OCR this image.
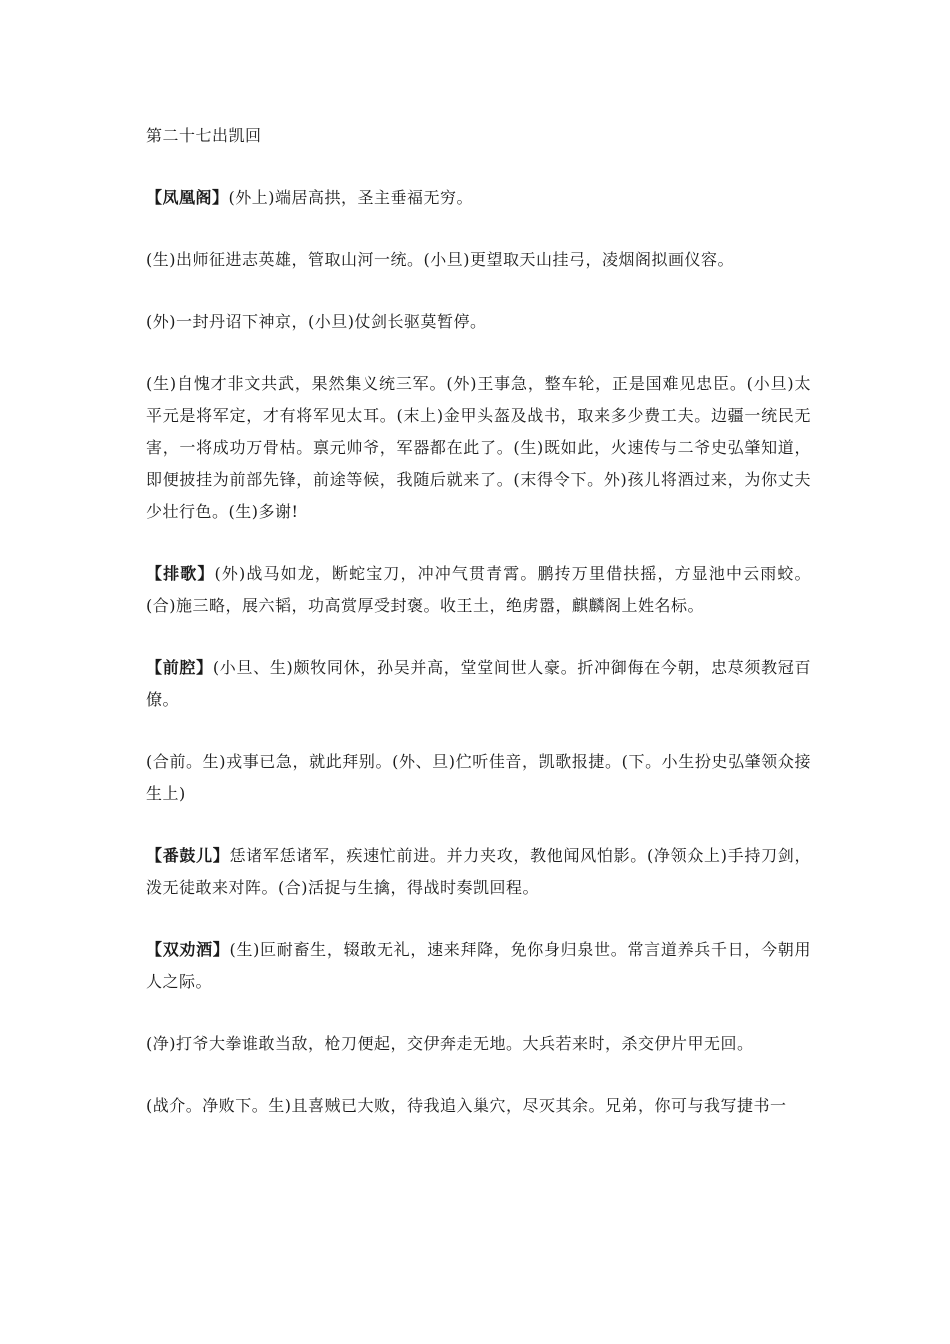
第二十七出凯回
【凤凰阁】(外上)端居高拱，圣主垂福无穷。
(生)出师征进志英雄，管取山河一统。(小旦)更望取天山挂弓，凌烟阁拟画仪容。
(外)一封丹诏下神京，(小旦)仗剑长驱莫暂停。
(生)自愧才非文共武，果然集义统三军。(外)王事急，整车轮，正是国难见忠臣。(小旦)太平元是将军定，才有将军见太耳。(末上)金甲头盔及战书，取来多少费工夫。边疆一统民无害，一将成功万骨枯。禀元帅爷，军器都在此了。(生)既如此，火速传与二爷史弘肇知道，即便披挂为前部先锋，前途等候，我随后就来了。(末得令下。外)孩儿将酒过来，为你丈夫少壮行色。(生)多谢!
【排歌】(外)战马如龙，断蛇宝刀，冲冲气贯青霄。鹏抟万里借扶摇，方显池中云雨蛟。(合)施三略，展六韬，功高赏厚受封褒。收王土，绝虏嚣，麒麟阁上姓名标。
【前腔】(小旦、生)颇牧同休，孙吴并高，堂堂间世人豪。折冲御侮在今朝，忠荩须教冠百僚。
(合前。生)戎事已急，就此拜别。(外、旦)伫听佳音，凯歌报捷。(下。小生扮史弘肇领众接生上)
【番鼓儿】恁诸军恁诸军，疾速忙前进。并力夹攻，教他闻风怕影。(净领众上)手持刀剑，泼无徒敢来对阵。(合)活捉与生擒，得战时奏凯回程。
【双劝酒】(生)叵耐畜生，辍敢无礼，速来拜降，免你身归泉世。常言道养兵千日，今朝用人之际。
(净)打爷大拳谁敢当敌，枪刀便起，交伊奔走无地。大兵若来时，杀交伊片甲无回。
(战介。净败下。生)且喜贼已大败，待我追入巢穴，尽灭其余。兄弟，你可与我写捷书一
